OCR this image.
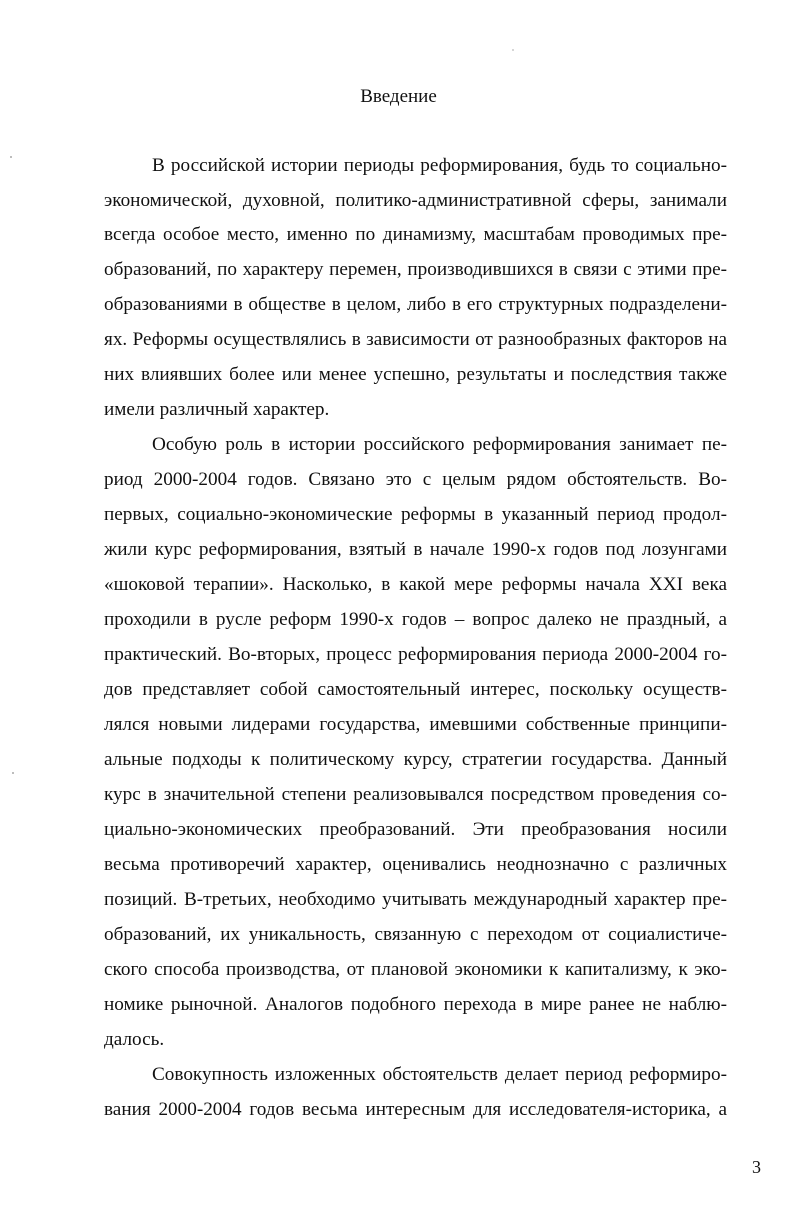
Введение
В российской истории периоды реформирования, будь то социально-
экономической, духовной, политико-административной сферы, занимали
всегда особое место, именно по динамизму, масштабам проводимых пре-
образований, по характеру перемен, производившихся в связи с этими пре-
образованиями в обществе в целом, либо в его структурных подразделени-
ях. Реформы осуществлялись в зависимости от разнообразных факторов на
них влиявших более или менее успешно, результаты и последствия также
имели различный характер.
Особую роль в истории российского реформирования занимает пе-
риод 2000-2004 годов. Связано это с целым рядом обстоятельств. Во-
первых, социально-экономические реформы в указанный период продол-
жили курс реформирования, взятый в начале 1990-х годов под лозунгами
«шоковой терапии». Насколько, в какой мере реформы начала XXI века
проходили в русле реформ 1990-х годов – вопрос далеко не праздный, а
практический. Во-вторых, процесс реформирования периода 2000-2004 го-
дов представляет собой самостоятельный интерес, поскольку осуществ-
лялся новыми лидерами государства, имевшими собственные принципи-
альные подходы к политическому курсу, стратегии государства. Данный
курс в значительной степени реализовывался посредством проведения со-
циально-экономических преобразований. Эти преобразования носили
весьма противоречий характер, оценивались неоднозначно с различных
позиций. В-третьих, необходимо учитывать международный характер пре-
образований, их уникальность, связанную с переходом от социалистиче-
ского способа производства, от плановой экономики к капитализму, к эко-
номике рыночной. Аналогов подобного перехода в мире ранее не наблю-
далось.
Совокупность изложенных обстоятельств делает период реформиро-
вания 2000-2004 годов весьма интересным для исследователя-историка, а
3
